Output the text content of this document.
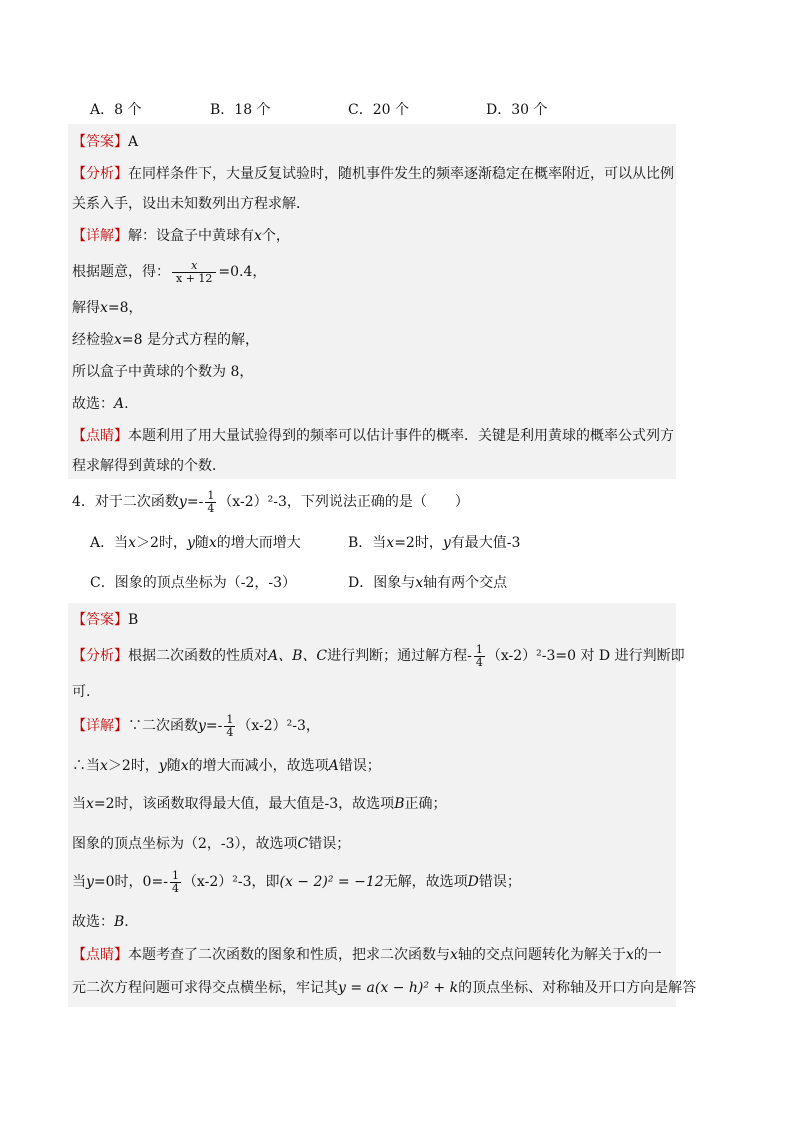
A．8 个	B．18 个	C．20 个	D．30 个
【答案】A
【分析】在同样条件下，大量反复试验时，随机事件发生的频率逐渐稳定在概率附近，可以从比例
关系入手，设出未知数列出方程求解．
【详解】解：设盒子中黄球有x个，
根据题意，得： $\frac{x}{x + 12} =0.4$，
解得x=8，
经检验x=8 是分式方程的解，
所以盒子中黄球的个数为 8，
故选：A.
【点睛】本题利用了用大量试验得到的频率可以估计事件的概率．关键是利用黄球的概率公式列方
程求解得到黄球的个数．
4．对于二次函数$y=- \frac{1}{4} (x-2)^2-3$，下列说法正确的是（　　）
A．当x＞2时，y随x的增大而增大	B．当x=2时，y有最大值-3
C．图象的顶点坐标为（-2，-3）	D．图象与x轴有两个交点
【答案】B
【分析】根据二次函数的性质对A、B、C进行判断；通过解方程- $\frac{1}{4} (x-2)^2-3=0$ 对 D 进行判断即
可.
【详解】∵二次函数$y=- \frac{1}{4} (x-2)^2-3$，
∴当x＞2时，y随x的增大而减小，故选项A错误；
当x=2时，该函数取得最大值，最大值是-3，故选项B正确；
图象的顶点坐标为（2，-3），故选项C错误；
当y=0时，$0=- \frac{1}{4} (x-2)^2-3$，即(x − 2)² = −12无解，故选项D错误；
故选：B.
【点睛】本题考查了二次函数的图象和性质，把求二次函数与x轴的交点问题转化为解关于x的一
元二次方程问题可求得交点横坐标，牢记其y = a(x − h)² + k的顶点坐标、对称轴及开口方向是解答
